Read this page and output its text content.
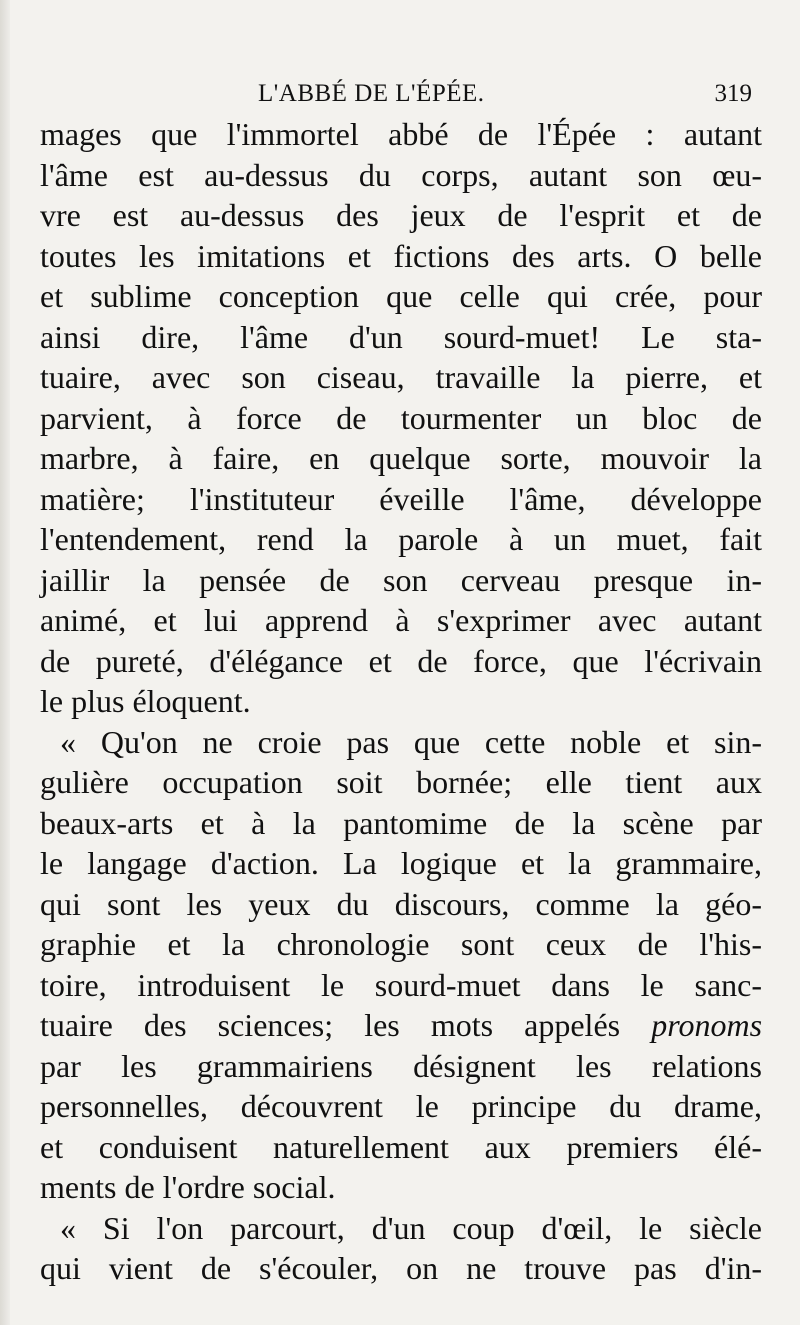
L'ABBÉ DE L'ÉPÉE.	319
mages que l'immortel abbé de l'Épée : autant
l'âme est au-dessus du corps, autant son œu-
vre est au-dessus des jeux de l'esprit et de
toutes les imitations et fictions des arts. O belle
et sublime conception que celle qui crée, pour
ainsi dire, l'âme d'un sourd-muet! Le sta-
tuaire, avec son ciseau, travaille la pierre, et
parvient, à force de tourmenter un bloc de
marbre, à faire, en quelque sorte, mouvoir la
matière; l'instituteur éveille l'âme, développe
l'entendement, rend la parole à un muet, fait
jaillir la pensée de son cerveau presque in-
animé, et lui apprend à s'exprimer avec autant
de pureté, d'élégance et de force, que l'écrivain
le plus éloquent.
« Qu'on ne croie pas que cette noble et sin-
gulière occupation soit bornée; elle tient aux
beaux-arts et à la pantomime de la scène par
le langage d'action. La logique et la grammaire,
qui sont les yeux du discours, comme la géo-
graphie et la chronologie sont ceux de l'his-
toire, introduisent le sourd-muet dans le sanc-
tuaire des sciences; les mots appelés pronoms
par les grammairiens désignent les relations
personnelles, découvrent le principe du drame,
et conduisent naturellement aux premiers élé-
ments de l'ordre social.
« Si l'on parcourt, d'un coup d'œil, le siècle
qui vient de s'écouler, on ne trouve pas d'in-
